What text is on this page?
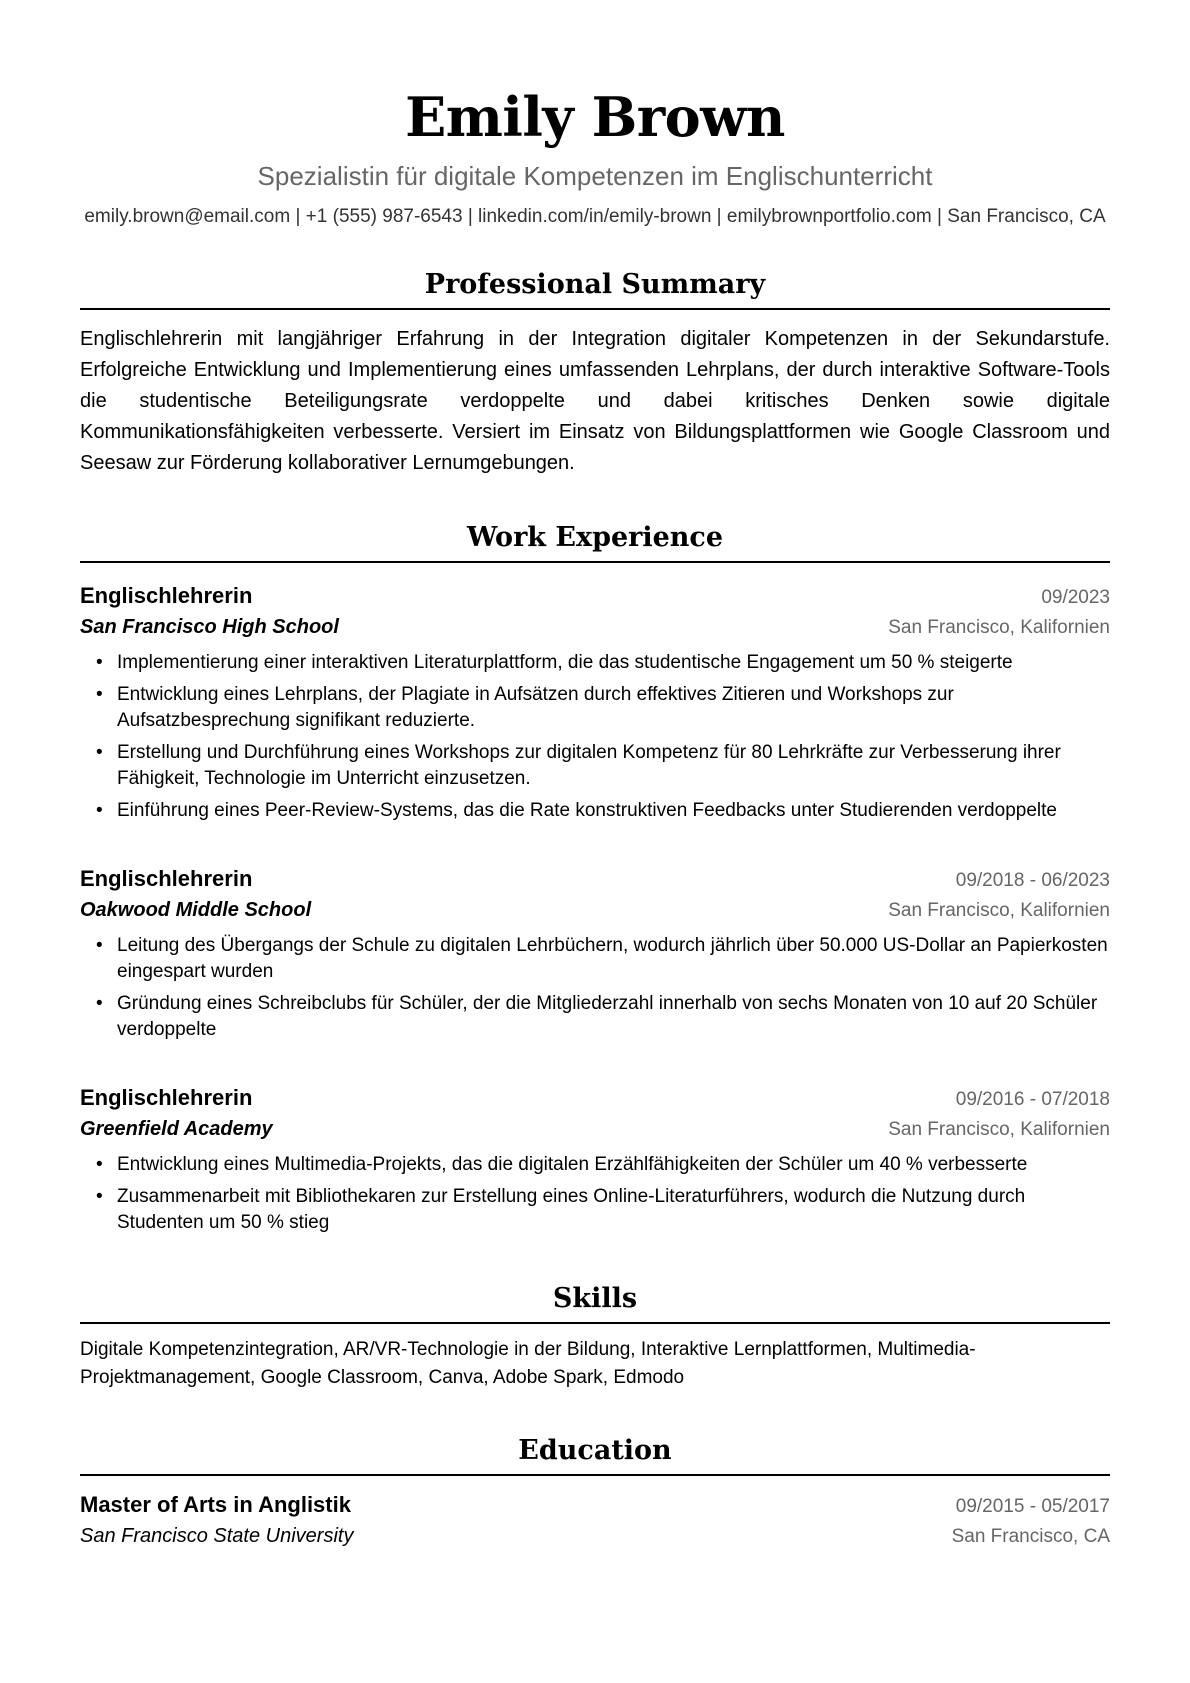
Emily Brown
Spezialistin für digitale Kompetenzen im Englischunterricht
emily.brown@email.com | +1 (555) 987-6543 | linkedin.com/in/emily-brown | emilybrownportfolio.com | San Francisco, CA
Professional Summary
Englischlehrerin mit langjähriger Erfahrung in der Integration digitaler Kompetenzen in der Sekundarstufe. Erfolgreiche Entwicklung und Implementierung eines umfassenden Lehrplans, der durch interaktive Software-Tools die studentische Beteiligungsrate verdoppelte und dabei kritisches Denken sowie digitale Kommunikationsfähigkeiten verbesserte. Versiert im Einsatz von Bildungsplattformen wie Google Classroom und Seesaw zur Förderung kollaborativer Lernumgebungen.
Work Experience
Englischlehrerin	09/2023
San Francisco High School	San Francisco, Kalifornien
• Implementierung einer interaktiven Literaturplattform, die das studentische Engagement um 50 % steigerte
• Entwicklung eines Lehrplans, der Plagiate in Aufsätzen durch effektives Zitieren und Workshops zur Aufsatzbesprechung signifikant reduzierte.
• Erstellung und Durchführung eines Workshops zur digitalen Kompetenz für 80 Lehrkräfte zur Verbesserung ihrer Fähigkeit, Technologie im Unterricht einzusetzen.
• Einführung eines Peer-Review-Systems, das die Rate konstruktiven Feedbacks unter Studierenden verdoppelte
Englischlehrerin	09/2018 - 06/2023
Oakwood Middle School	San Francisco, Kalifornien
• Leitung des Übergangs der Schule zu digitalen Lehrbüchern, wodurch jährlich über 50.000 US-Dollar an Papierkosten eingespart wurden
• Gründung eines Schreibclubs für Schüler, der die Mitgliederzahl innerhalb von sechs Monaten von 10 auf 20 Schüler verdoppelte
Englischlehrerin	09/2016 - 07/2018
Greenfield Academy	San Francisco, Kalifornien
• Entwicklung eines Multimedia-Projekts, das die digitalen Erzählfähigkeiten der Schüler um 40 % verbesserte
• Zusammenarbeit mit Bibliothekaren zur Erstellung eines Online-Literaturführers, wodurch die Nutzung durch Studenten um 50 % stieg
Skills
Digitale Kompetenzintegration, AR/VR-Technologie in der Bildung, Interaktive Lernplattformen, Multimedia-Projektmanagement, Google Classroom, Canva, Adobe Spark, Edmodo
Education
Master of Arts in Anglistik	09/2015 - 05/2017
San Francisco State University	San Francisco, CA
